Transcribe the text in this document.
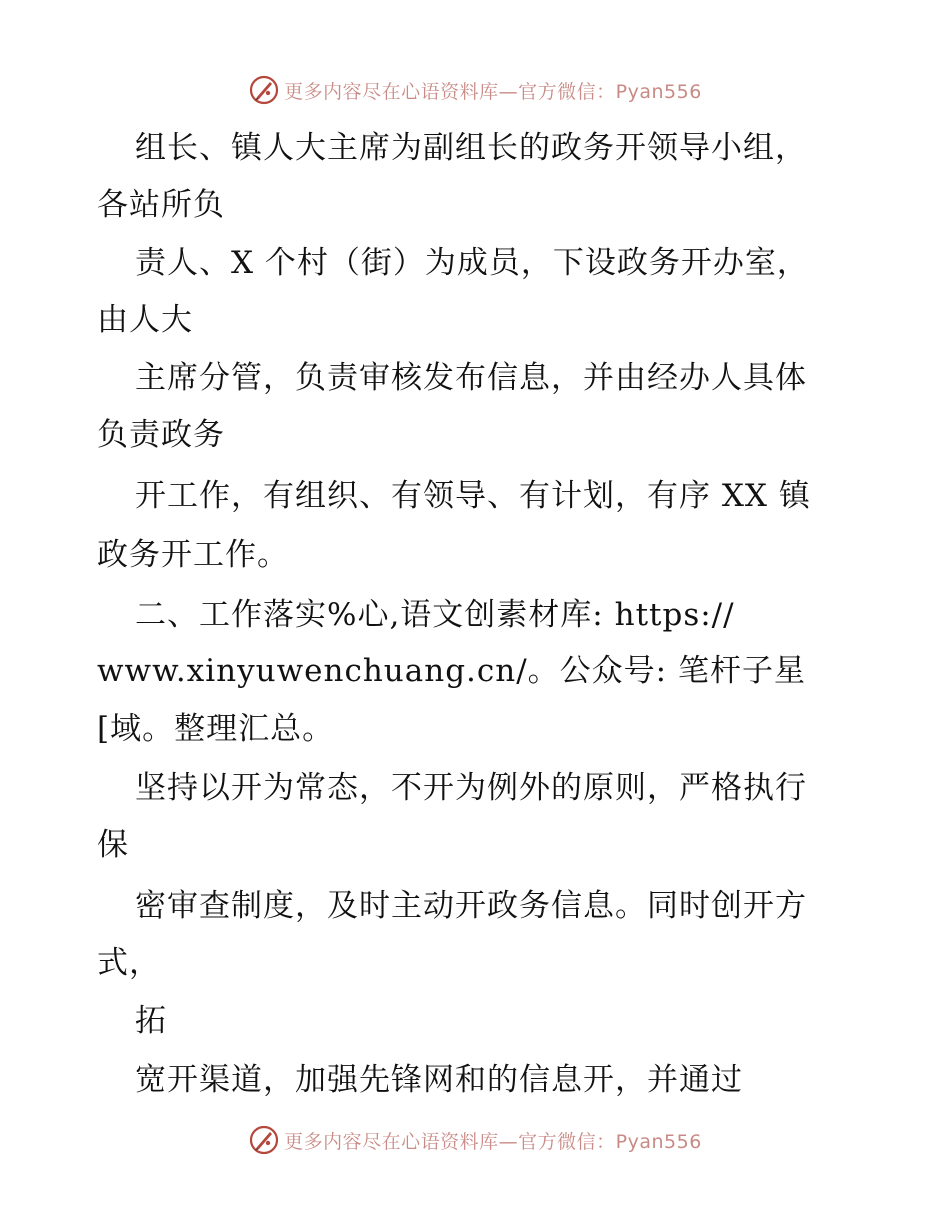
更多内容尽在心语资料库—官方微信：Pyan556
组长、镇人大主席为副组长的政务开领导小组，
各站所负
责人、X 个村（街）为成员，下设政务开办室，
由人大
主席分管，负责审核发布信息，并由经办人具体
负责政务
开工作，有组织、有领导、有计划，有序 XX 镇
政务开工作。
二、工作落实%心,语文创素材库: https://
www.xinyuwenchuang.cn/。公众号: 笔杆子星
[域。整理汇总。
坚持以开为常态，不开为例外的原则，严格执行
保
密审查制度，及时主动开政务信息。同时创开方
式，
拓
宽开渠道，加强先锋网和的信息开，并通过
更多内容尽在心语资料库—官方微信：Pyan556
